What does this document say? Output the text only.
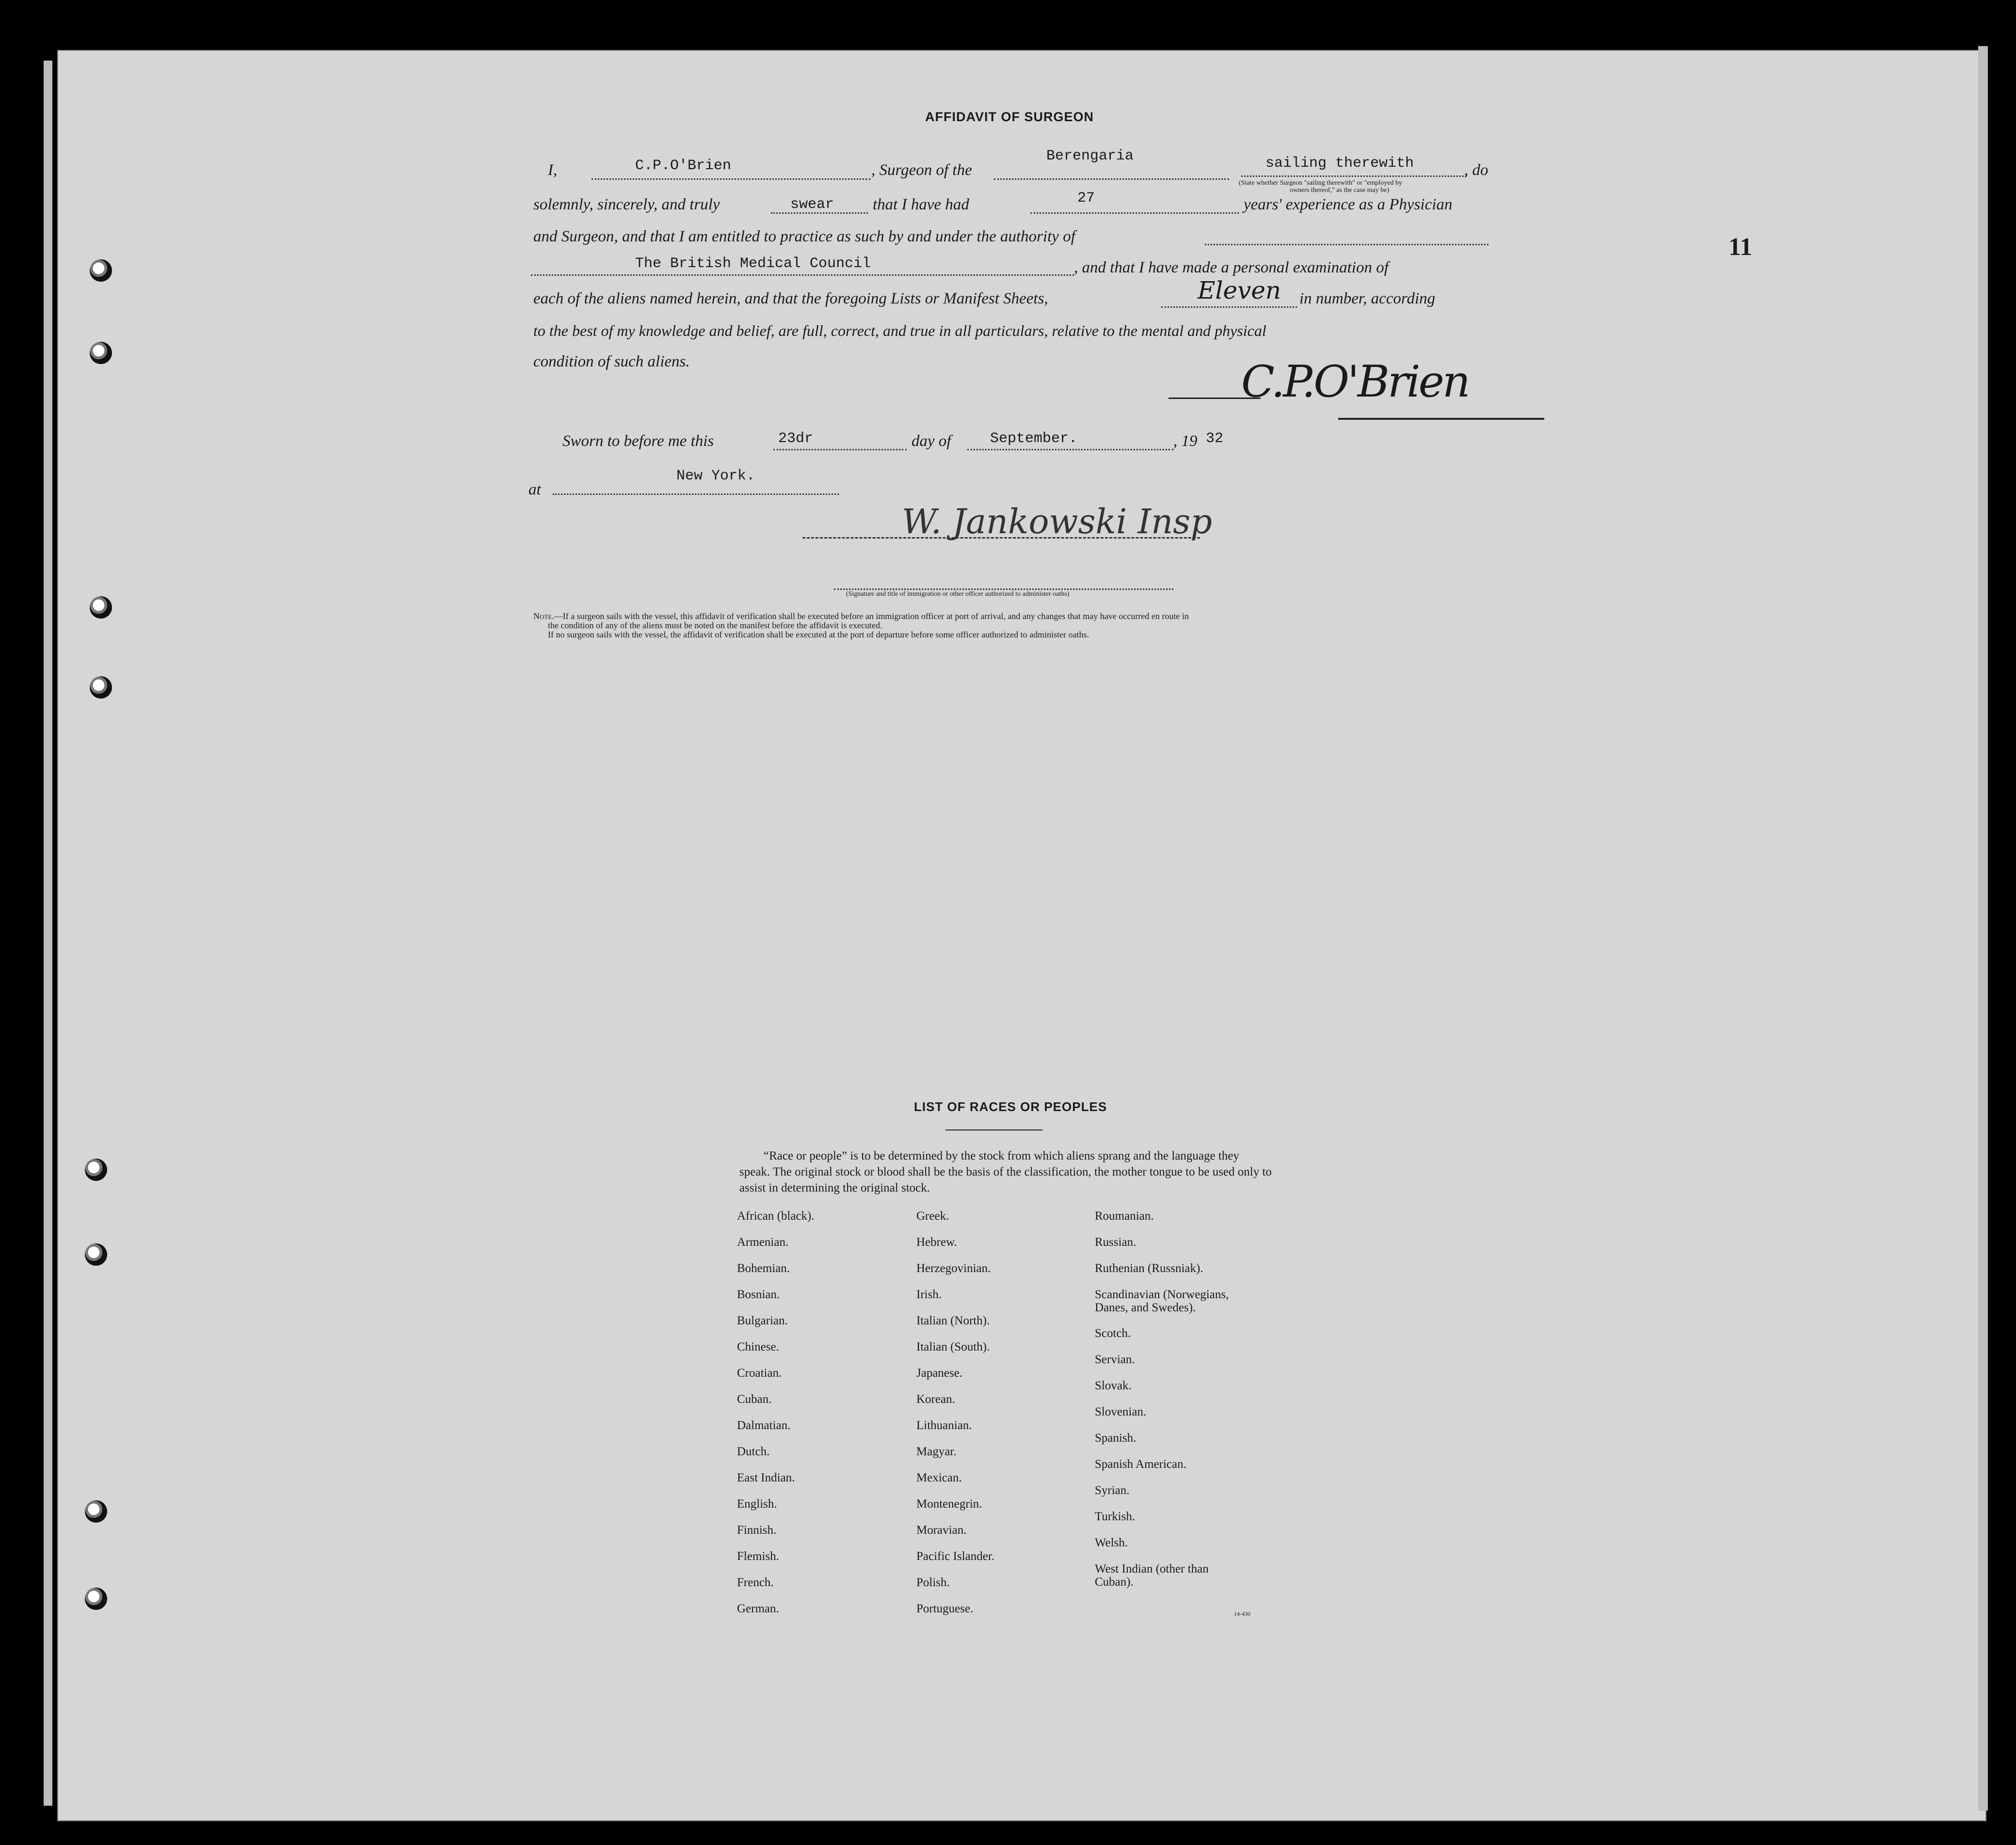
11
AFFIDAVIT OF SURGEON
I,	C.P.O'Brien	, Surgeon of the
Berengaria	sailing therewith	, do
(State whether Surgeon "sailing therewith" or "employed by
owners thereof," as the case may be)
solemnly, sincerely, and truly	swear that I have had	27	years' experience as a Physician
and Surgeon, and that I am entitled to practice as such by and under the authority of
The British Medical Council	, and that I have made a personal examination of
each of the aliens named herein, and that the foregoing Lists or Manifest Sheets,	Eleven in number, according
to the best of my knowledge and belief, are full, correct, and true in all particulars, relative to the mental and physical
condition of such aliens.	C.P.O'Brien
Sworn to before me this	23dr	day of	September.	, 19 32
at
New York.
W. Jankowski Insp
(Signature and title of immigration or other officer authorized to administer oaths)
Note.—If a surgeon sails with the vessel, this affidavit of verification shall be executed before an immigration officer at port of arrival, and any changes that may have occurred en route in
the condition of any of the aliens must be noted on the manifest before the affidavit is executed.
If no surgeon sails with the vessel, the affidavit of verification shall be executed at the port of departure before some officer authorized to administer oaths.
LIST OF RACES OR PEOPLES
“Race or people” is to be determined by the stock from which aliens sprang and the language they speak. The original stock or blood shall be the basis of the classification, the mother tongue to be used only to assist in determining the original stock.
African (black).
Armenian.
Bohemian.
Bosnian.
Bulgarian.
Chinese.
Croatian.
Cuban.
Dalmatian.
Dutch.
East Indian.
English.
Finnish.
Flemish.
French.
German.
Greek.
Hebrew.
Herzegovinian.
Irish.
Italian (North).
Italian (South).
Japanese.
Korean.
Lithuanian.
Magyar.
Mexican.
Montenegrin.
Moravian.
Pacific Islander.
Polish.
Portuguese.
Roumanian.
Russian.
Ruthenian (Russniak).
Scandinavian (Norwegians,
Danes, and Swedes).
Scotch.
Servian.
Slovak.
Slovenian.
Spanish.
Spanish American.
Syrian.
Turkish.
Welsh.
West Indian (other than
Cuban).
14-430
